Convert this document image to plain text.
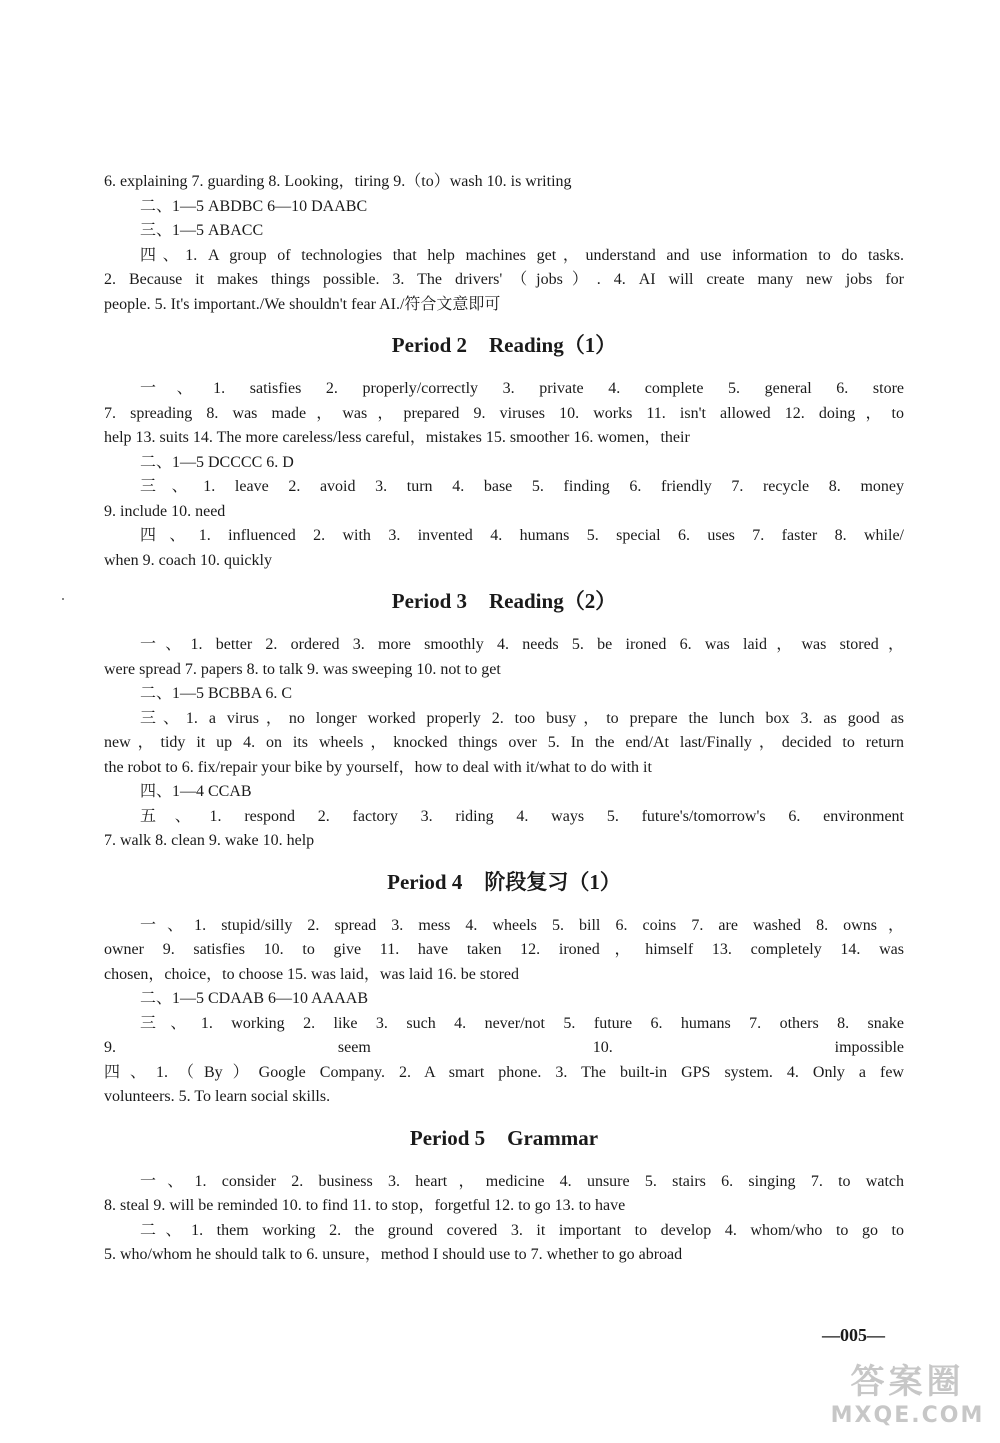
6. explaining 7. guarding 8. Looking，tiring 9.（to）wash 10. is writing
二、1—5 ABDBC 6—10 DAABC
三、1—5 ABACC
四、1. A group of technologies that help machines get，understand and use information to do tasks.
2. Because it makes things possible. 3. The drivers'（jobs）. 4. AI will create many new jobs for
people. 5. It's important./We shouldn't fear AI./符合文意即可
Period 2 Reading（1）
一、1. satisfies 2. properly/correctly 3. private 4. complete 5. general 6. store
7. spreading 8. was made，was，prepared 9. viruses 10. works 11. isn't allowed 12. doing，to
help 13. suits 14. The more careless/less careful，mistakes 15. smoother 16. women，their
二、1—5 DCCCC 6. D
三、1. leave 2. avoid 3. turn 4. base 5. finding 6. friendly 7. recycle 8. money
9. include 10. need
四、1. influenced 2. with 3. invented 4. humans 5. special 6. uses 7. faster 8. while/
when 9. coach 10. quickly
Period 3 Reading（2）
一、1. better 2. ordered 3. more smoothly 4. needs 5. be ironed 6. was laid，was stored，
were spread 7. papers 8. to talk 9. was sweeping 10. not to get
二、1—5 BCBBA 6. C
三、1. a virus，no longer worked properly 2. too busy，to prepare the lunch box 3. as good as
new，tidy it up 4. on its wheels，knocked things over 5. In the end/At last/Finally，decided to return
the robot to 6. fix/repair your bike by yourself，how to deal with it/what to do with it
四、1—4 CCAB
五、1. respond 2. factory 3. riding 4. ways 5. future's/tomorrow's 6. environment
7. walk 8. clean 9. wake 10. help
Period 4 阶段复习（1）
一、1. stupid/silly 2. spread 3. mess 4. wheels 5. bill 6. coins 7. are washed 8. owns，
owner 9. satisfies 10. to give 11. have taken 12. ironed，himself 13. completely 14. was
chosen，choice，to choose 15. was laid，was laid 16. be stored
二、1—5 CDAAB 6—10 AAAAB
三、1. working 2. like 3. such 4. never/not 5. future 6. humans 7. others 8. snake
9. seem 10. impossible
四、1.（By）Google Company. 2. A smart phone. 3. The built-in GPS system. 4. Only a few
volunteers. 5. To learn social skills.
Period 5 Grammar
一、1. consider 2. business 3. heart，medicine 4. unsure 5. stairs 6. singing 7. to watch
8. steal 9. will be reminded 10. to find 11. to stop，forgetful 12. to go 13. to have
二、1. them working 2. the ground covered 3. it important to develop 4. whom/who to go to
5. who/whom he should talk to 6. unsure，method I should use to 7. whether to go abroad
—005—
答案圈
MXQE.COM
